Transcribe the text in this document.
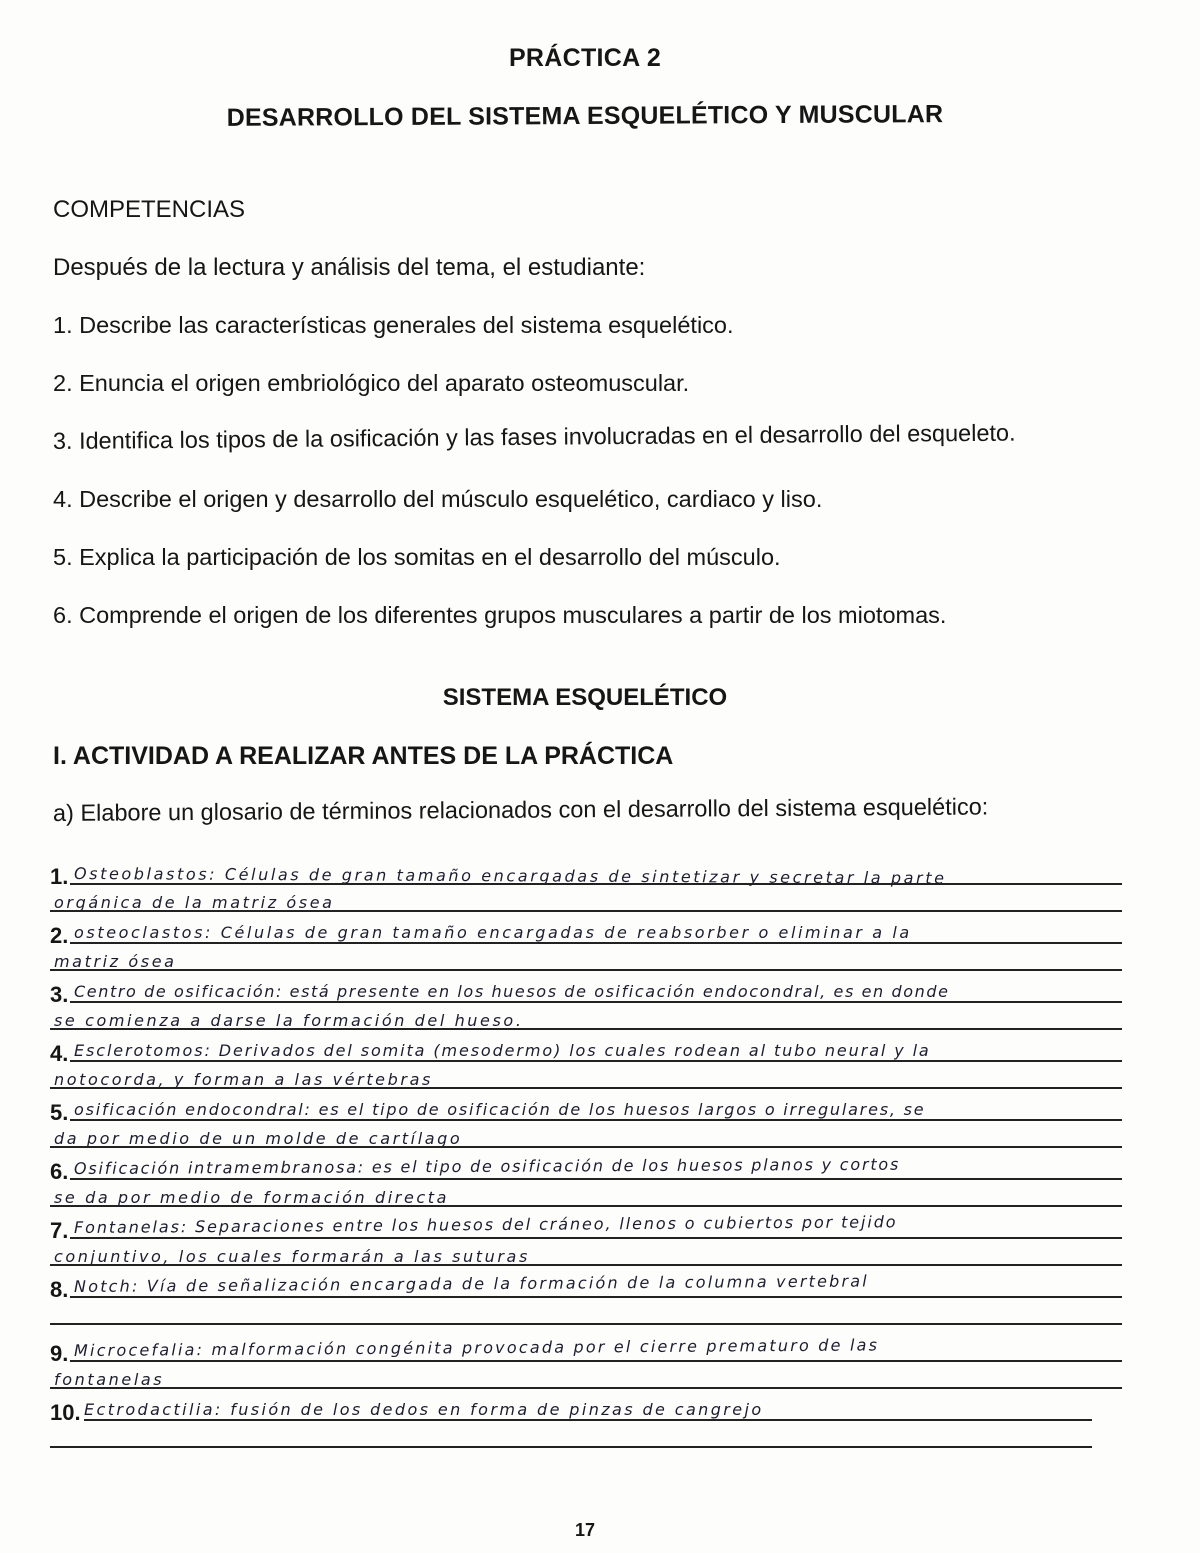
PRÁCTICA 2
DESARROLLO DEL SISTEMA ESQUELÉTICO Y MUSCULAR
COMPETENCIAS
Después de la lectura y análisis del tema, el estudiante:
1. Describe las características generales del sistema esquelético.
2. Enuncia el origen embriológico del aparato osteomuscular.
3. Identifica los tipos de la osificación y las fases involucradas en el desarrollo del esqueleto.
4. Describe el origen y desarrollo del músculo esquelético, cardiaco y liso.
5. Explica la participación de los somitas en el desarrollo del músculo.
6. Comprende el origen de los diferentes grupos musculares a partir de los miotomas.
SISTEMA ESQUELÉTICO
I. ACTIVIDAD A REALIZAR ANTES DE LA PRÁCTICA
a) Elabore un glosario de términos relacionados con el desarrollo del sistema esquelético:
1. Osteoblastos: Células de gran tamaño encargadas de sintetizar y secretar la parte
orgánica de la matriz ósea
2. osteoclastos: Células de gran tamaño encargadas de reabsorber o eliminar a la
matriz ósea
3. Centro de osificación: está presente en los huesos de osificación endocondral, es en donde
se comienza a darse la formación del hueso.
4. Esclerotomos: Derivados del somita (mesodermo) los cuales rodean al tubo neural y la
notocorda, y forman a las vértebras
5. osificación endocondral: es el tipo de osificación de los huesos largos o irregulares, se
da por medio de un molde de cartílago
6. Osificación intramembranosa: es el tipo de osificación de los huesos planos y cortos
se da por medio de formación directa
7. Fontanelas: Separaciones entre los huesos del cráneo, llenos o cubiertos por tejido
conjuntivo, los cuales formarán a las suturas
8. Notch: Vía de señalización encargada de la formación de la columna vertebral
9. Microcefalia: malformación congénita provocada por el cierre prematuro de las
fontanelas
10. Ectrodactilia: fusión de los dedos en forma de pinzas de cangrejo
17
